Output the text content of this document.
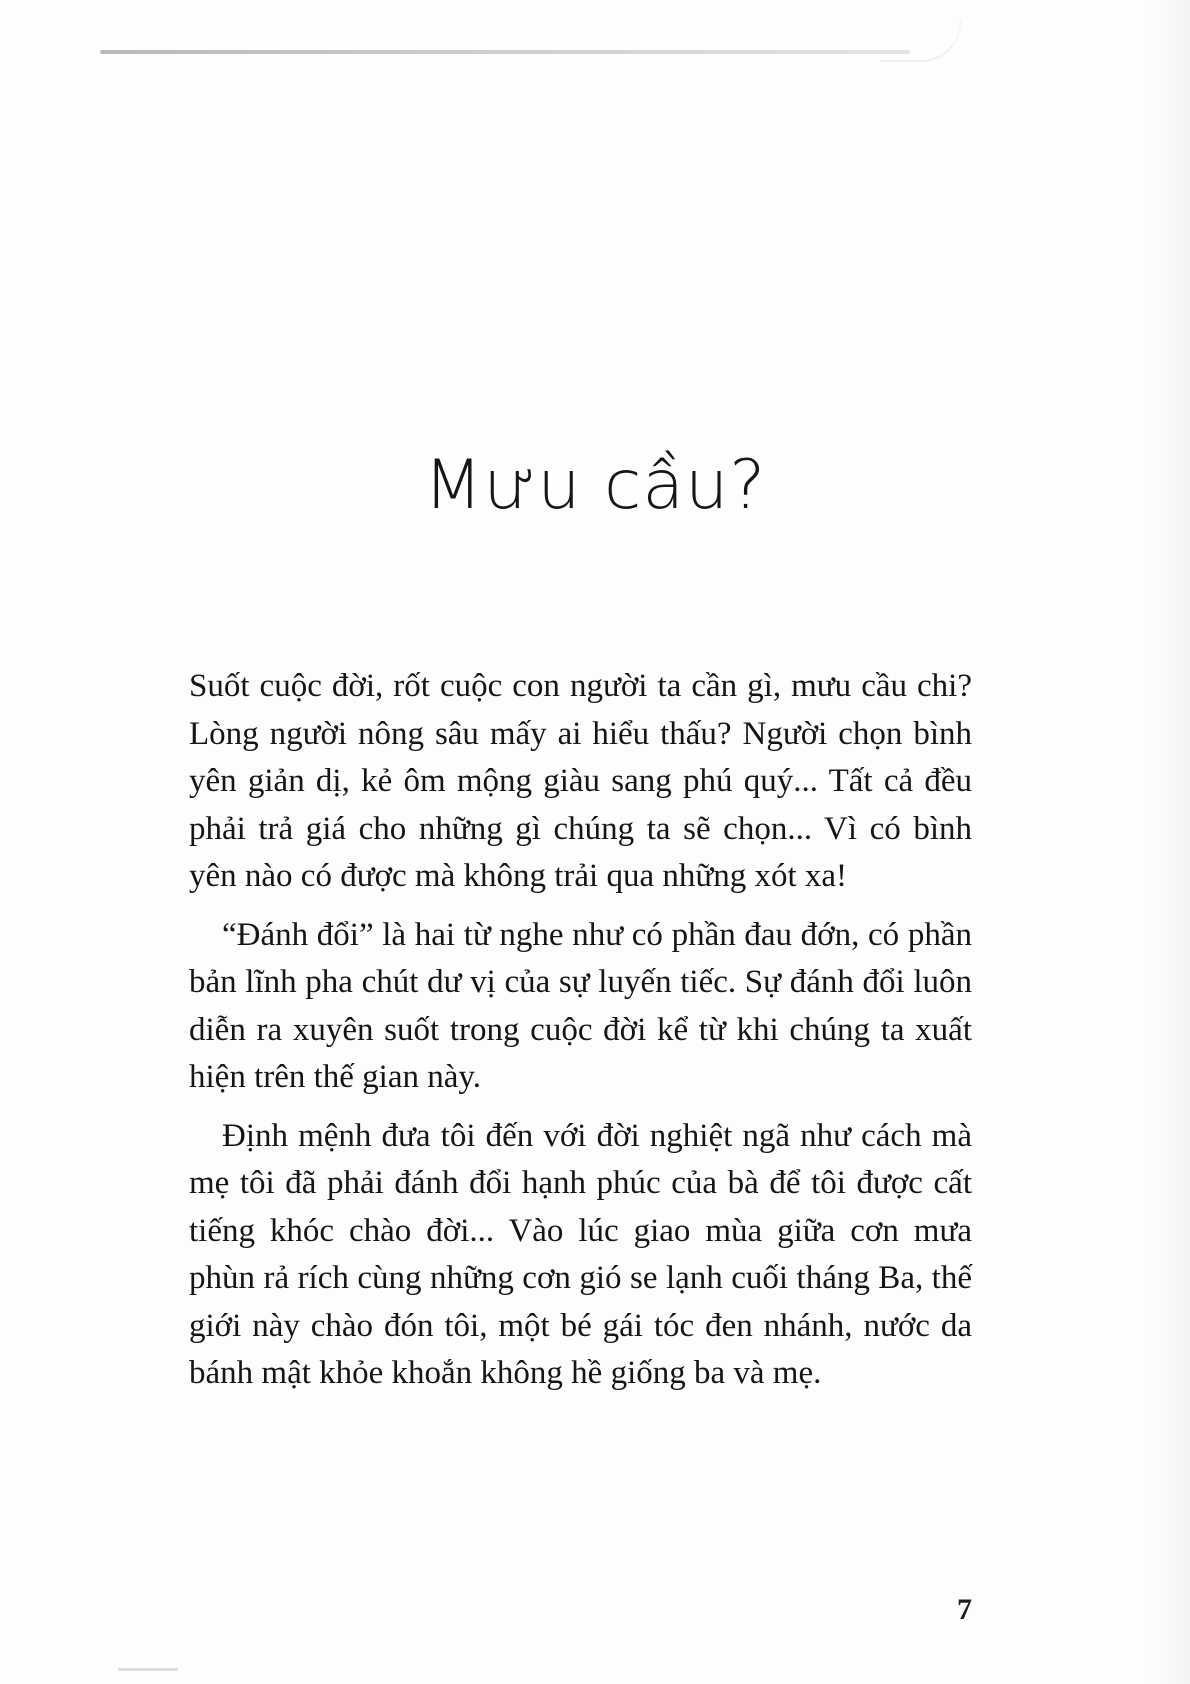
Mưu cầu?

Suốt cuộc đời, rốt cuộc con người ta cần gì, mưu cầu chi? Lòng người nông sâu mấy ai hiểu thấu? Người chọn bình yên giản dị, kẻ ôm mộng giàu sang phú quý... Tất cả đều phải trả giá cho những gì chúng ta sẽ chọn... Vì có bình yên nào có được mà không trải qua những xót xa!

“Đánh đổi” là hai từ nghe như có phần đau đớn, có phần bản lĩnh pha chút dư vị của sự luyến tiếc. Sự đánh đổi luôn diễn ra xuyên suốt trong cuộc đời kể từ khi chúng ta xuất hiện trên thế gian này.

Định mệnh đưa tôi đến với đời nghiệt ngã như cách mà mẹ tôi đã phải đánh đổi hạnh phúc của bà để tôi được cất tiếng khóc chào đời... Vào lúc giao mùa giữa cơn mưa phùn rả rích cùng những cơn gió se lạnh cuối tháng Ba, thế giới này chào đón tôi, một bé gái tóc đen nhánh, nước da bánh mật khỏe khoắn không hề giống ba và mẹ.

7
